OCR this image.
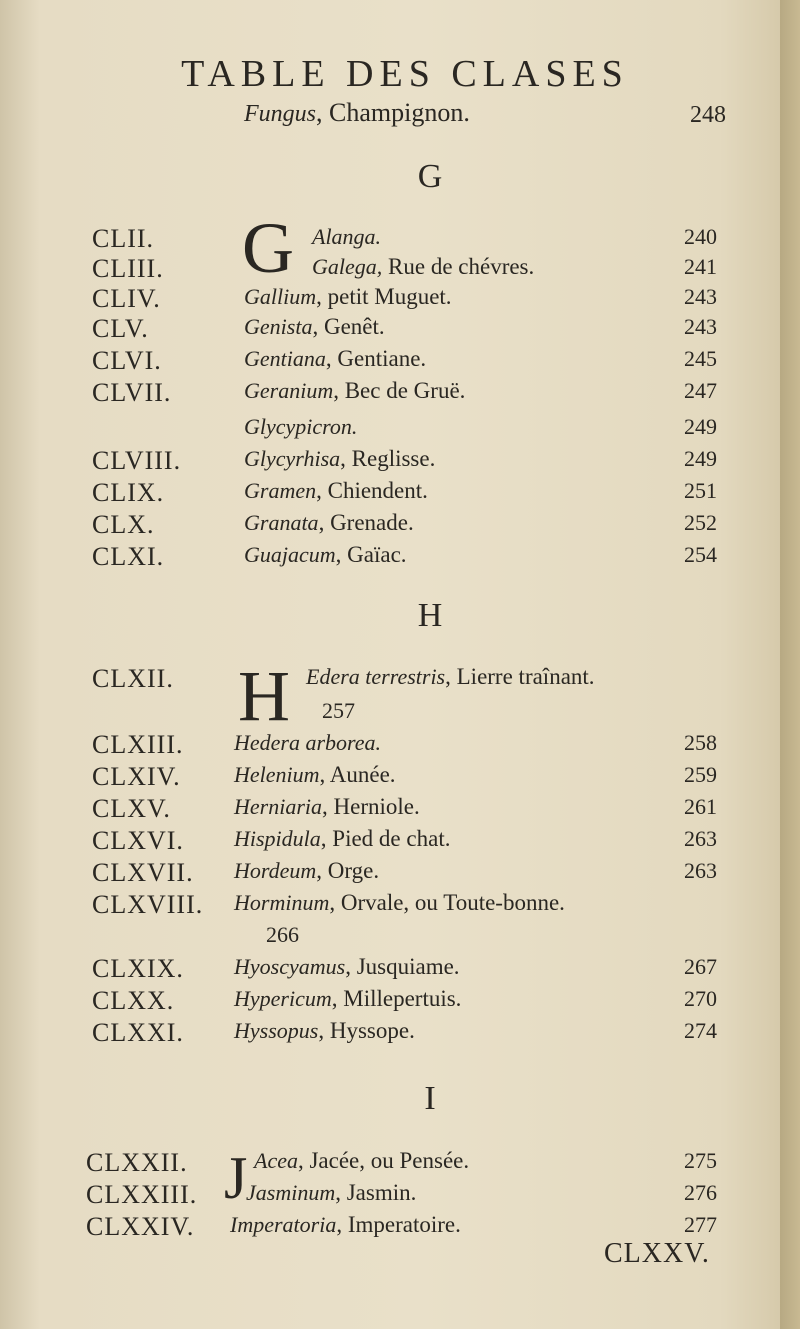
TABLE DES CLASES
Fungus, Champignon.	248
G
H
I
G
H
J
CLII.	Alanga.	240
CLIII.	Galega, Rue de chévres.	241
CLIV.	Gallium, petit Muguet.	243
CLV.	Genista, Genêt.	243
CLVI.	Gentiana, Gentiane.	245
CLVII.	Geranium, Bec de Gruë.	247
Glycypicron.	249
CLVIII.	Glycyrhisa, Reglisse.	249
CLIX.	Gramen, Chiendent.	251
CLX.	Granata, Grenade.	252
CLXI.	Guajacum, Gaïac.	254
CLXII.	Edera terrestris, Lierre traînant.
257
CLXIII. Hedera arborea.	258
CLXIV. Helenium, Aunée.	259
CLXV.	Herniaria, Herniole.	261
CLXVI. Hispidula, Pied de chat.	263
CLXVII. Hordeum, Orge.	263
CLXVIII. Horminum, Orvale, ou Toute-bonne.
266
CLXIX. Hyoscyamus, Jusquiame.	267
CLXX.	Hypericum, Millepertuis.	270
CLXXI. Hyssopus, Hyssope.	274
CLXXII.	Acea, Jacée, ou Pensée.	275
CLXXIII. Jasminum, Jasmin.	276
CLXXIV. Imperatoria, Imperatoire.	277
CLXXV.
